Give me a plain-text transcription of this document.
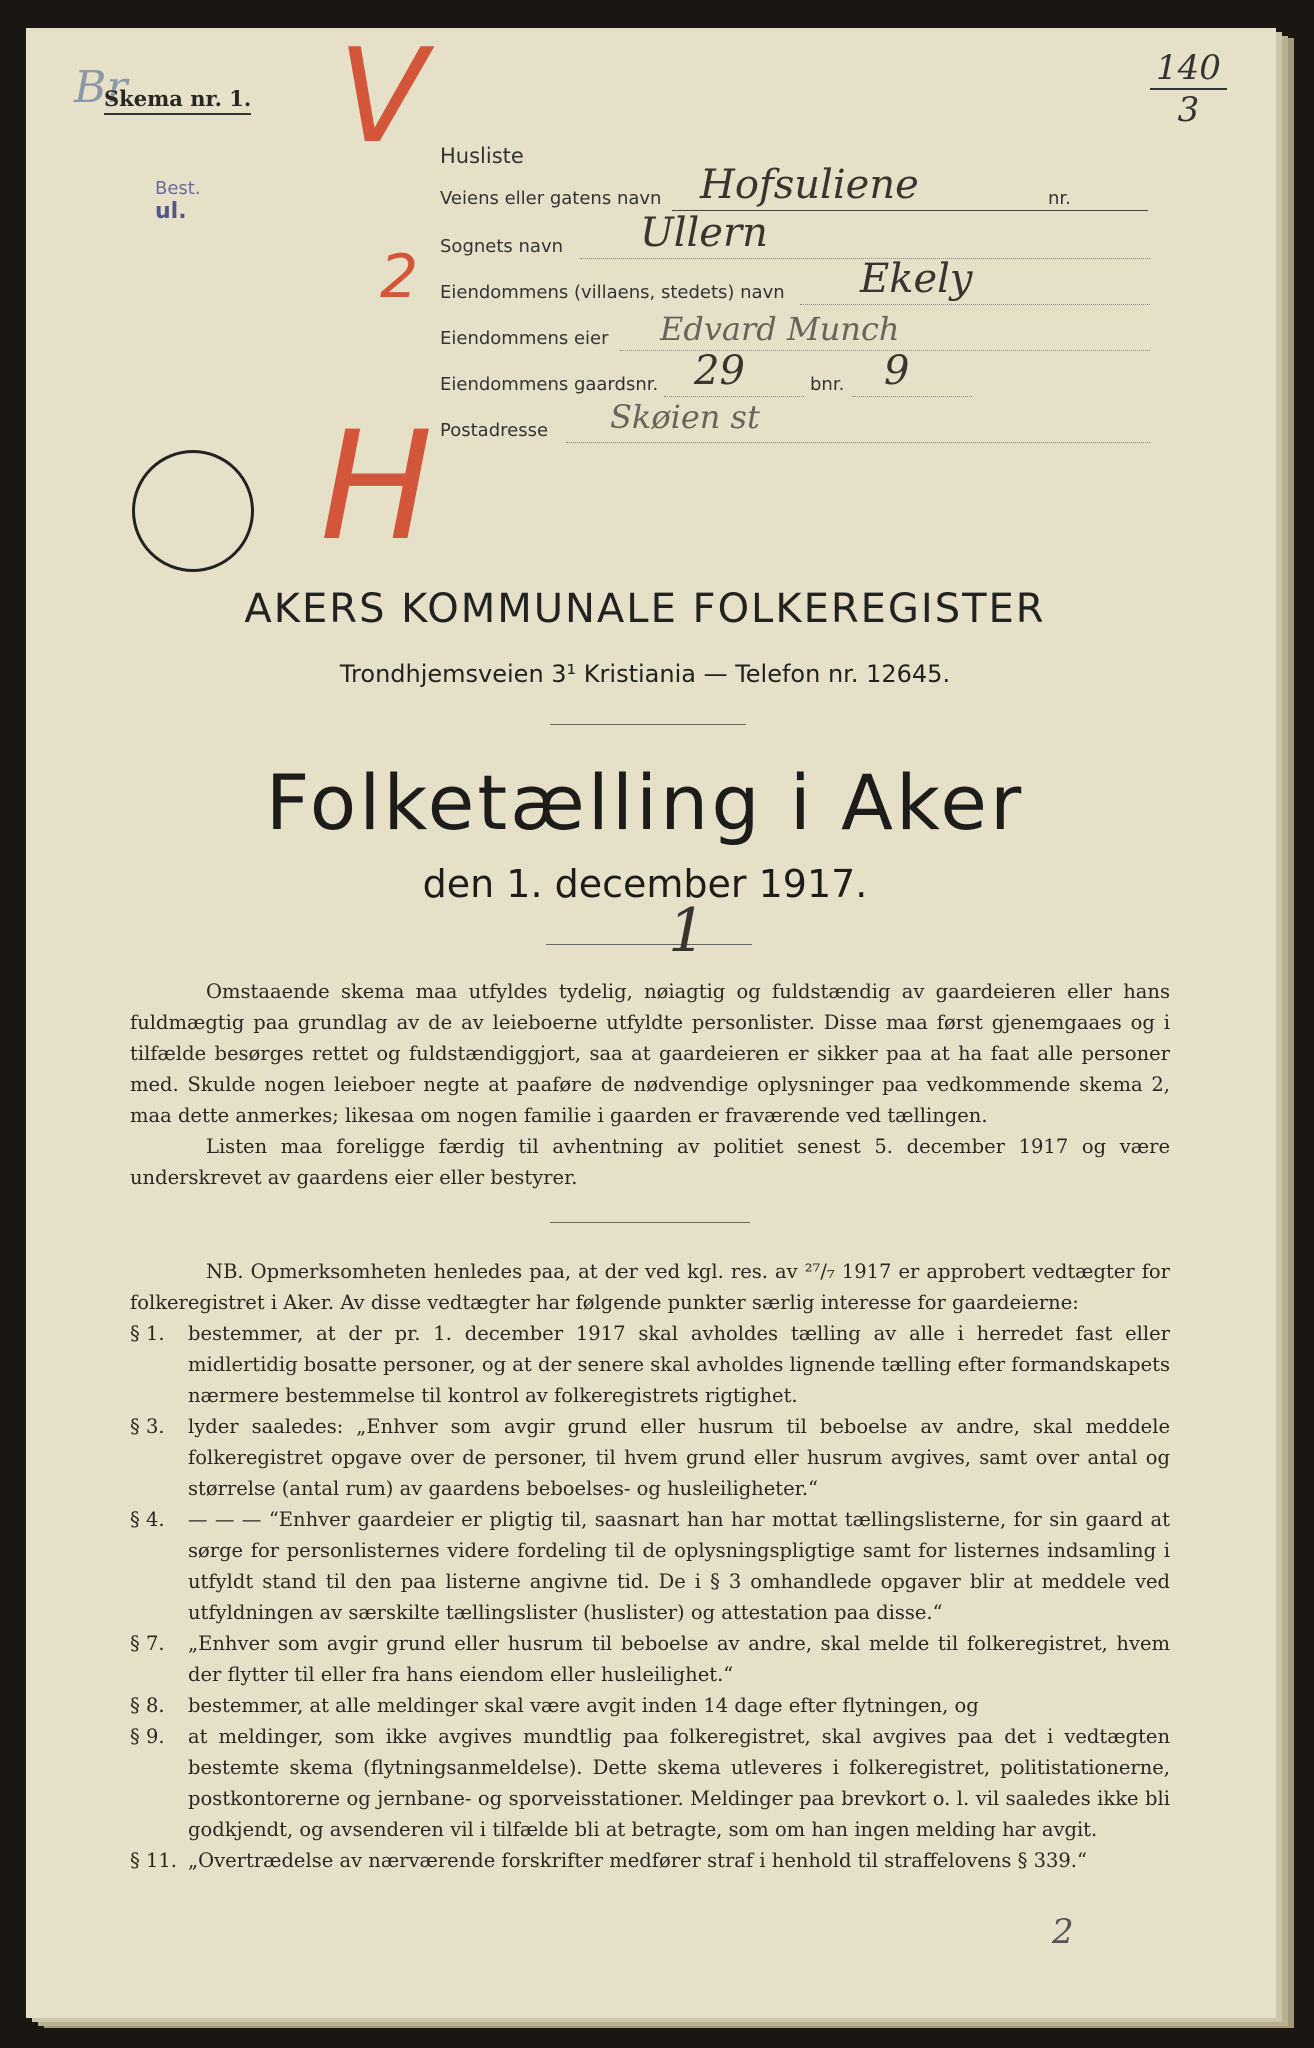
Br
Skema nr. 1.
Best.
ul.
140
3
V
2
H
Husliste
Veiens eller gatens navn Hofsuliene	nr.
Sognets navn Ullern
Eiendommens (villaens, stedets) navn Ekely
Eiendommens eier Edvard Munch
Eiendommens gaardsnr. 29	bnr. 9
Postadresse Skøien st
AKERS KOMMUNALE FOLKEREGISTER
Trondhjemsveien 3¹ Kristiania — Telefon nr. 12645.
Folketælling i Aker
den 1. december 1917.
1

Omstaaende skema maa utfyldes tydelig, nøiagtig og fuldstændig av gaardeieren eller hans fuldmægtig paa grundlag av de av leieboerne utfyldte personlister. Disse maa først gjenemgaaes og i tilfælde besørges rettet og fuldstændiggjort, saa at gaardeieren er sikker paa at ha faat alle personer med. Skulde nogen leieboer negte at paaføre de nødvendige oplysninger paa vedkommende skema 2, maa dette anmerkes; likesaa om nogen familie i gaarden er fraværende ved tællingen.

Listen maa foreligge færdig til avhentning av politiet senest 5. december 1917 og være underskrevet av gaardens eier eller bestyrer.

NB. Opmerksomheten henledes paa, at der ved kgl. res. av ²⁷/₇ 1917 er approbert vedtægter for folkeregistret i Aker. Av disse vedtægter har følgende punkter særlig interesse for gaardeierne:

§ 1.	bestemmer, at der pr. 1. december 1917 skal avholdes tælling av alle i herredet fast eller midlertidig bosatte personer, og at der senere skal avholdes lignende tælling efter formandskapets nærmere bestemmelse til kontrol av folkeregistrets rigtighet.
§ 3.	lyder saaledes: „Enhver som avgir grund eller husrum til beboelse av andre, skal meddele folkeregistret opgave over de personer, til hvem grund eller husrum avgives, samt over antal og størrelse (antal rum) av gaardens beboelses- og husleiligheter.“
§ 4.	— — — “Enhver gaardeier er pligtig til, saasnart han har mottat tællingslisterne, for sin gaard at sørge for personlisternes videre fordeling til de oplysningspligtige samt for listernes indsamling i utfyldt stand til den paa listerne angivne tid. De i § 3 omhandlede opgaver blir at meddele ved utfyldningen av særskilte tællingslister (huslister) og attestation paa disse.“
§ 7.	„Enhver som avgir grund eller husrum til beboelse av andre, skal melde til folkeregistret, hvem der flytter til eller fra hans eiendom eller husleilighet.“
§ 8.	bestemmer, at alle meldinger skal være avgit inden 14 dage efter flytningen, og
§ 9.	at meldinger, som ikke avgives mundtlig paa folkeregistret, skal avgives paa det i vedtægten bestemte skema (flytningsanmeldelse). Dette skema utleveres i folkeregistret, politistationerne, postkontorerne og jernbane- og sporveisstationer. Meldinger paa brevkort o. l. vil saaledes ikke bli godkjendt, og avsenderen vil i tilfælde bli at betragte, som om han ingen melding har avgit.
§ 11. „Overtrædelse av nærværende forskrifter medfører straf i henhold til straffelovens § 339.“
2
